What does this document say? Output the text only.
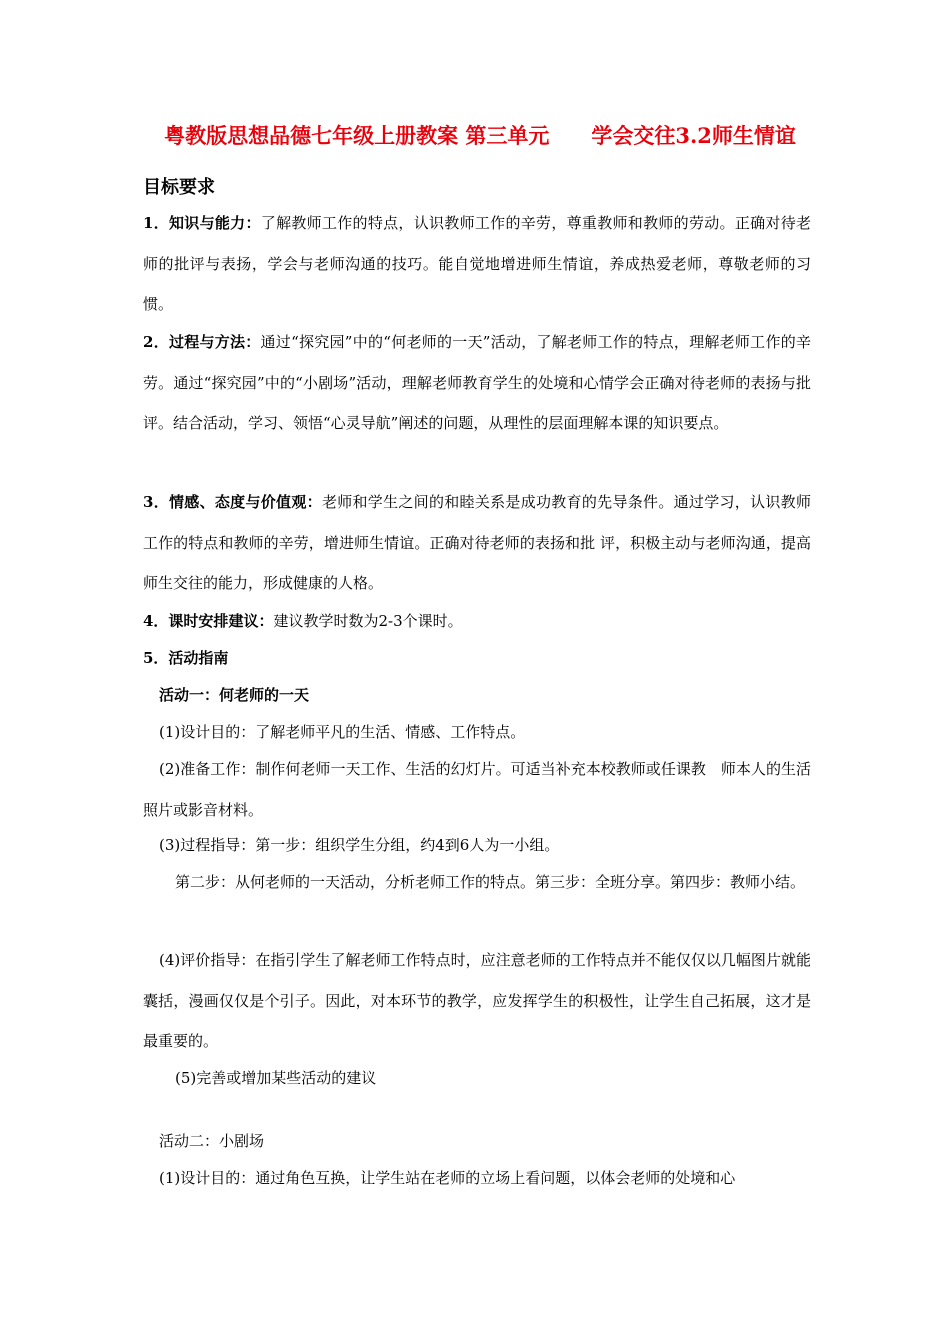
粤教版思想品德七年级上册教案 第三单元　　学会交往3.2师生情谊
目标要求
1．知识与能力：了解教师工作的特点，认识教师工作的辛劳，尊重教师和教师的劳动。正确对待老师的批评与表扬，学会与老师沟通的技巧。能自觉地增进师生情谊，养成热爱老师，尊敬老师的习惯。
2．过程与方法：通过“探究园”中的“何老师的一天”活动，了解老师工作的特点，理解老师工作的辛劳。通过“探究园”中的“小剧场”活动，理解老师教育学生的处境和心情学会正确对待老师的表扬与批评。结合活动，学习、领悟“心灵导航”阐述的问题，从理性的层面理解本课的知识要点。
3．情感、态度与价值观：老师和学生之间的和睦关系是成功教育的先导条件。通过学习，认识教师工作的特点和教师的辛劳，增进师生情谊。正确对待老师的表扬和批 评，积极主动与老师沟通，提高师生交往的能力，形成健康的人格。
4．课时安排建议：建议教学时数为2-3个课时。
5．活动指南
活动一：何老师的一天
(1)设计目的：了解老师平凡的生活、情感、工作特点。
(2)准备工作：制作何老师一天工作、生活的幻灯片。可适当补充本校教师或任课教　师本人的生活照片或影音材料。
(3)过程指导：第一步：组织学生分组，约4到6人为一小组。
第二步：从何老师的一天活动，分析老师工作的特点。第三步：全班分享。第四步：教师小结。
(4)评价指导：在指引学生了解老师工作特点时，应注意老师的工作特点并不能仅仅以几幅图片就能囊括，漫画仅仅是个引子。因此，对本环节的教学，应发挥学生的积极性，让学生自己拓展，这才是最重要的。
(5)完善或增加某些活动的建议
活动二：小剧场
(1)设计目的：通过角色互换，让学生站在老师的立场上看问题，以体会老师的处境和心
